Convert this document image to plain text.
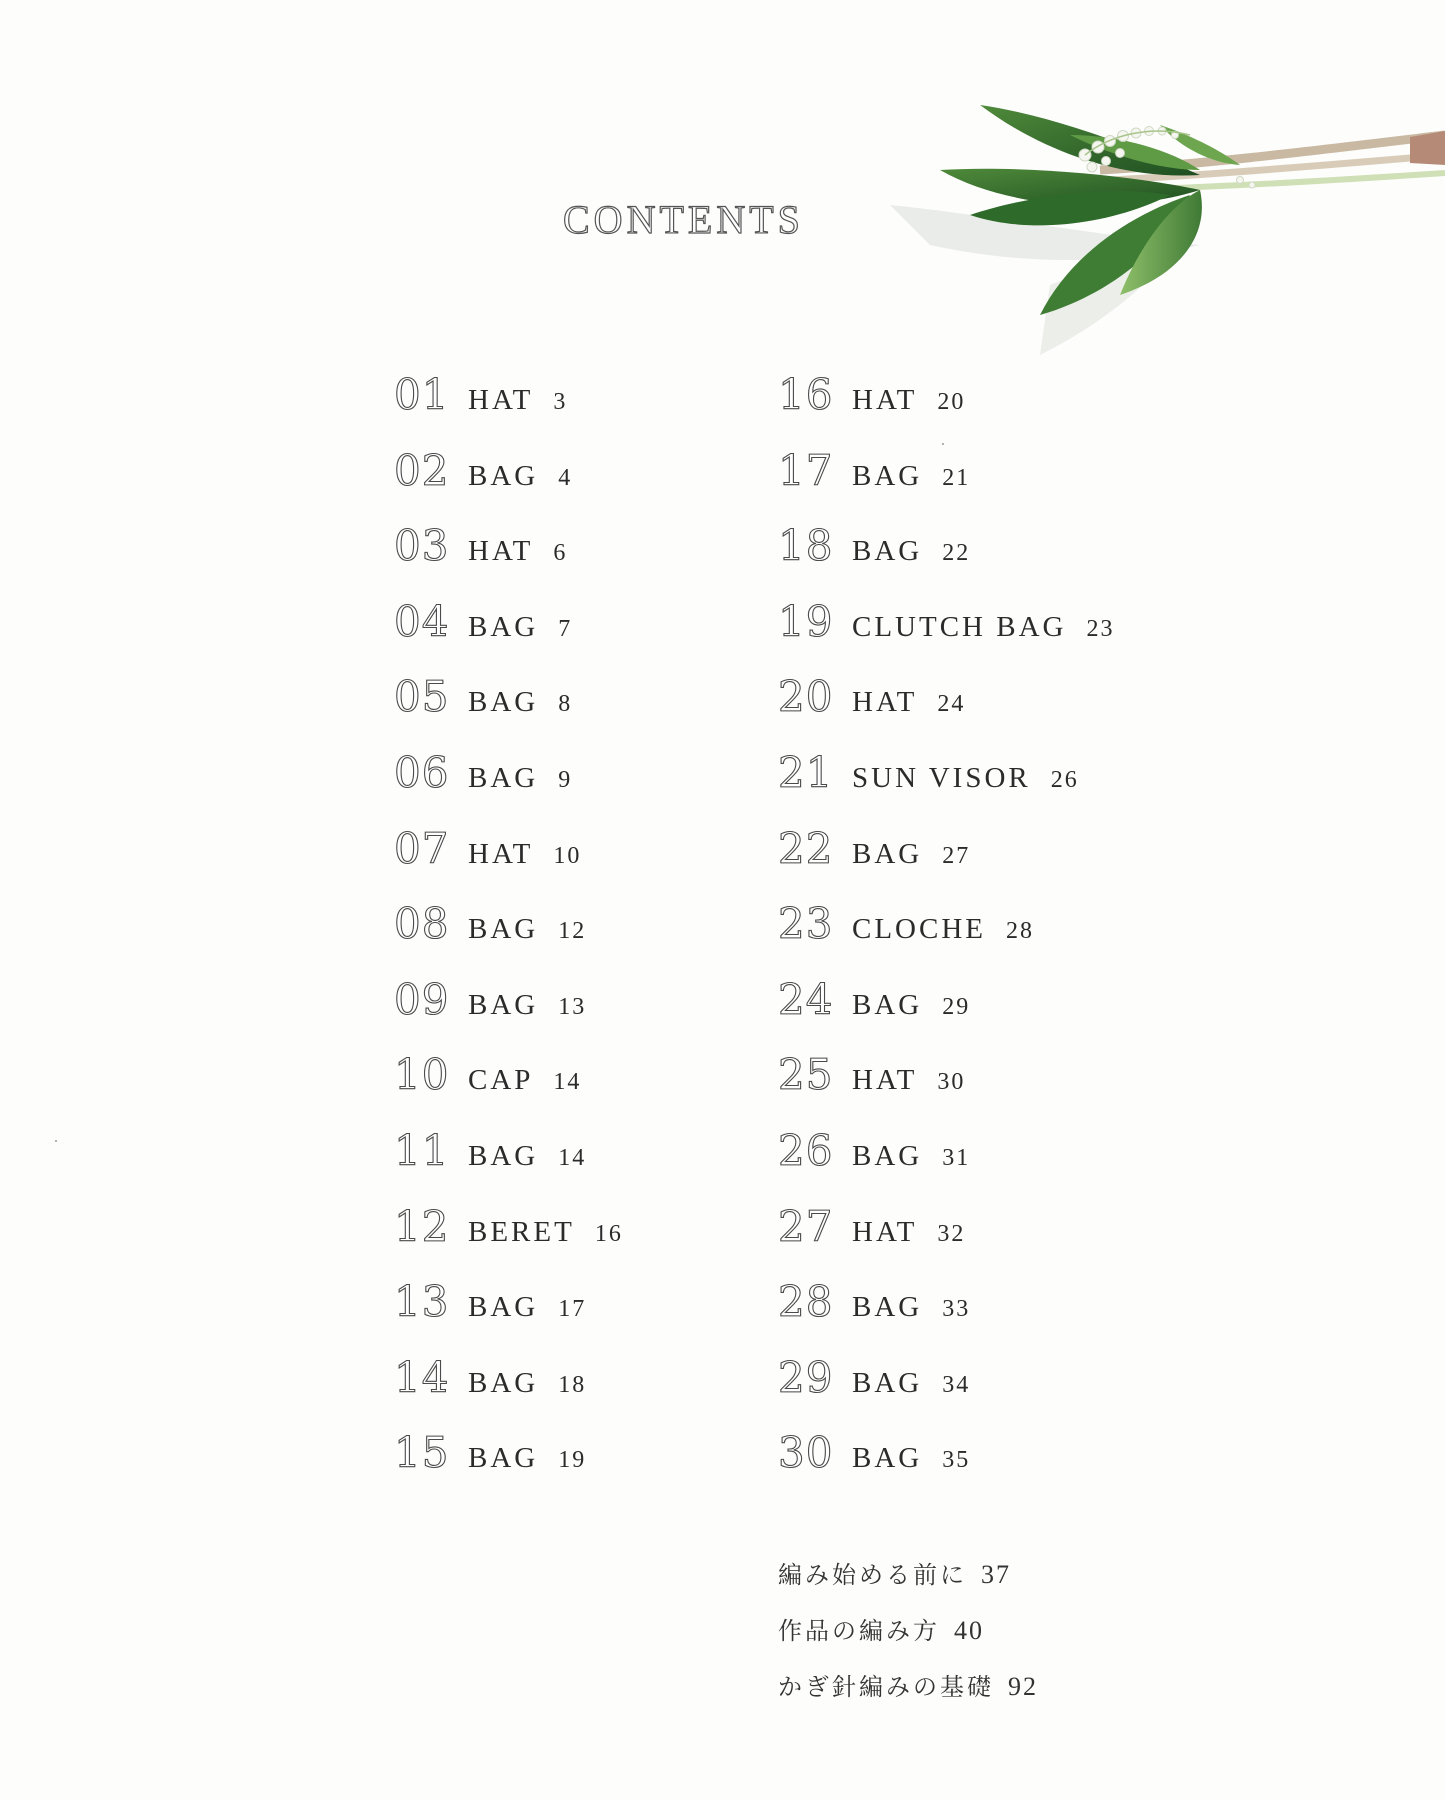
CONTENTS
01 HAT 3
02 BAG 4
03 HAT 6
04 BAG 7
05 BAG 8
06 BAG 9
07 HAT 10
08 BAG 12
09 BAG 13
10 CAP 14
11 BAG 14
12 BERET 16
13 BAG 17
14 BAG 18
15 BAG 19
16 HAT 20
17 BAG 21
18 BAG 22
19 CLUTCH BAG 23
20 HAT 24
21 SUN VISOR 26
22 BAG 27
23 CLOCHE 28
24 BAG 29
25 HAT 30
26 BAG 31
27 HAT 32
28 BAG 33
29 BAG 34
30 BAG 35
編み始める前に 37
作品の編み方 40
かぎ針編みの基礎 92
